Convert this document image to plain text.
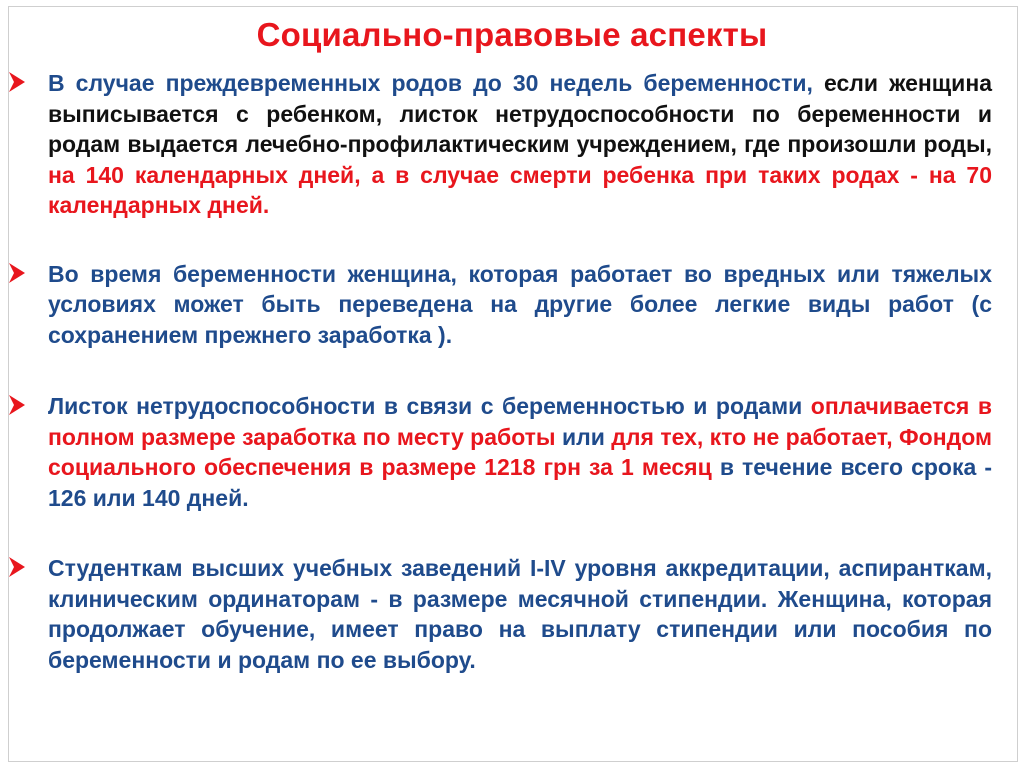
Социально-правовые аспекты
В случае преждевременных родов до 30 недель беременности, если женщина выписывается с ребенком, листок нетрудоспособности по беременности и родам выдается лечебно-профилактическим учреждением, где произошли роды, на 140 календарных дней, а в случае смерти ребенка при таких родах - на 70 календарных дней.
Во время беременности женщина, которая работает во вредных или тяжелых условиях может быть переведена на другие более легкие виды работ (с сохранением прежнего заработка ).
Листок нетрудоспособности в связи с беременностью и родами оплачивается в полном размере заработка по месту работы или для тех, кто не работает, Фондом социального обеспечения в размере 1218 грн за 1 месяц в течение всего срока - 126 или 140 дней.
Студенткам высших учебных заведений I-IV уровня аккредитации, аспиранткам, клиническим ординаторам - в размере месячной стипендии. Женщина, которая продолжает обучение, имеет право на выплату стипендии или пособия по беременности и родам по ее выбору.
